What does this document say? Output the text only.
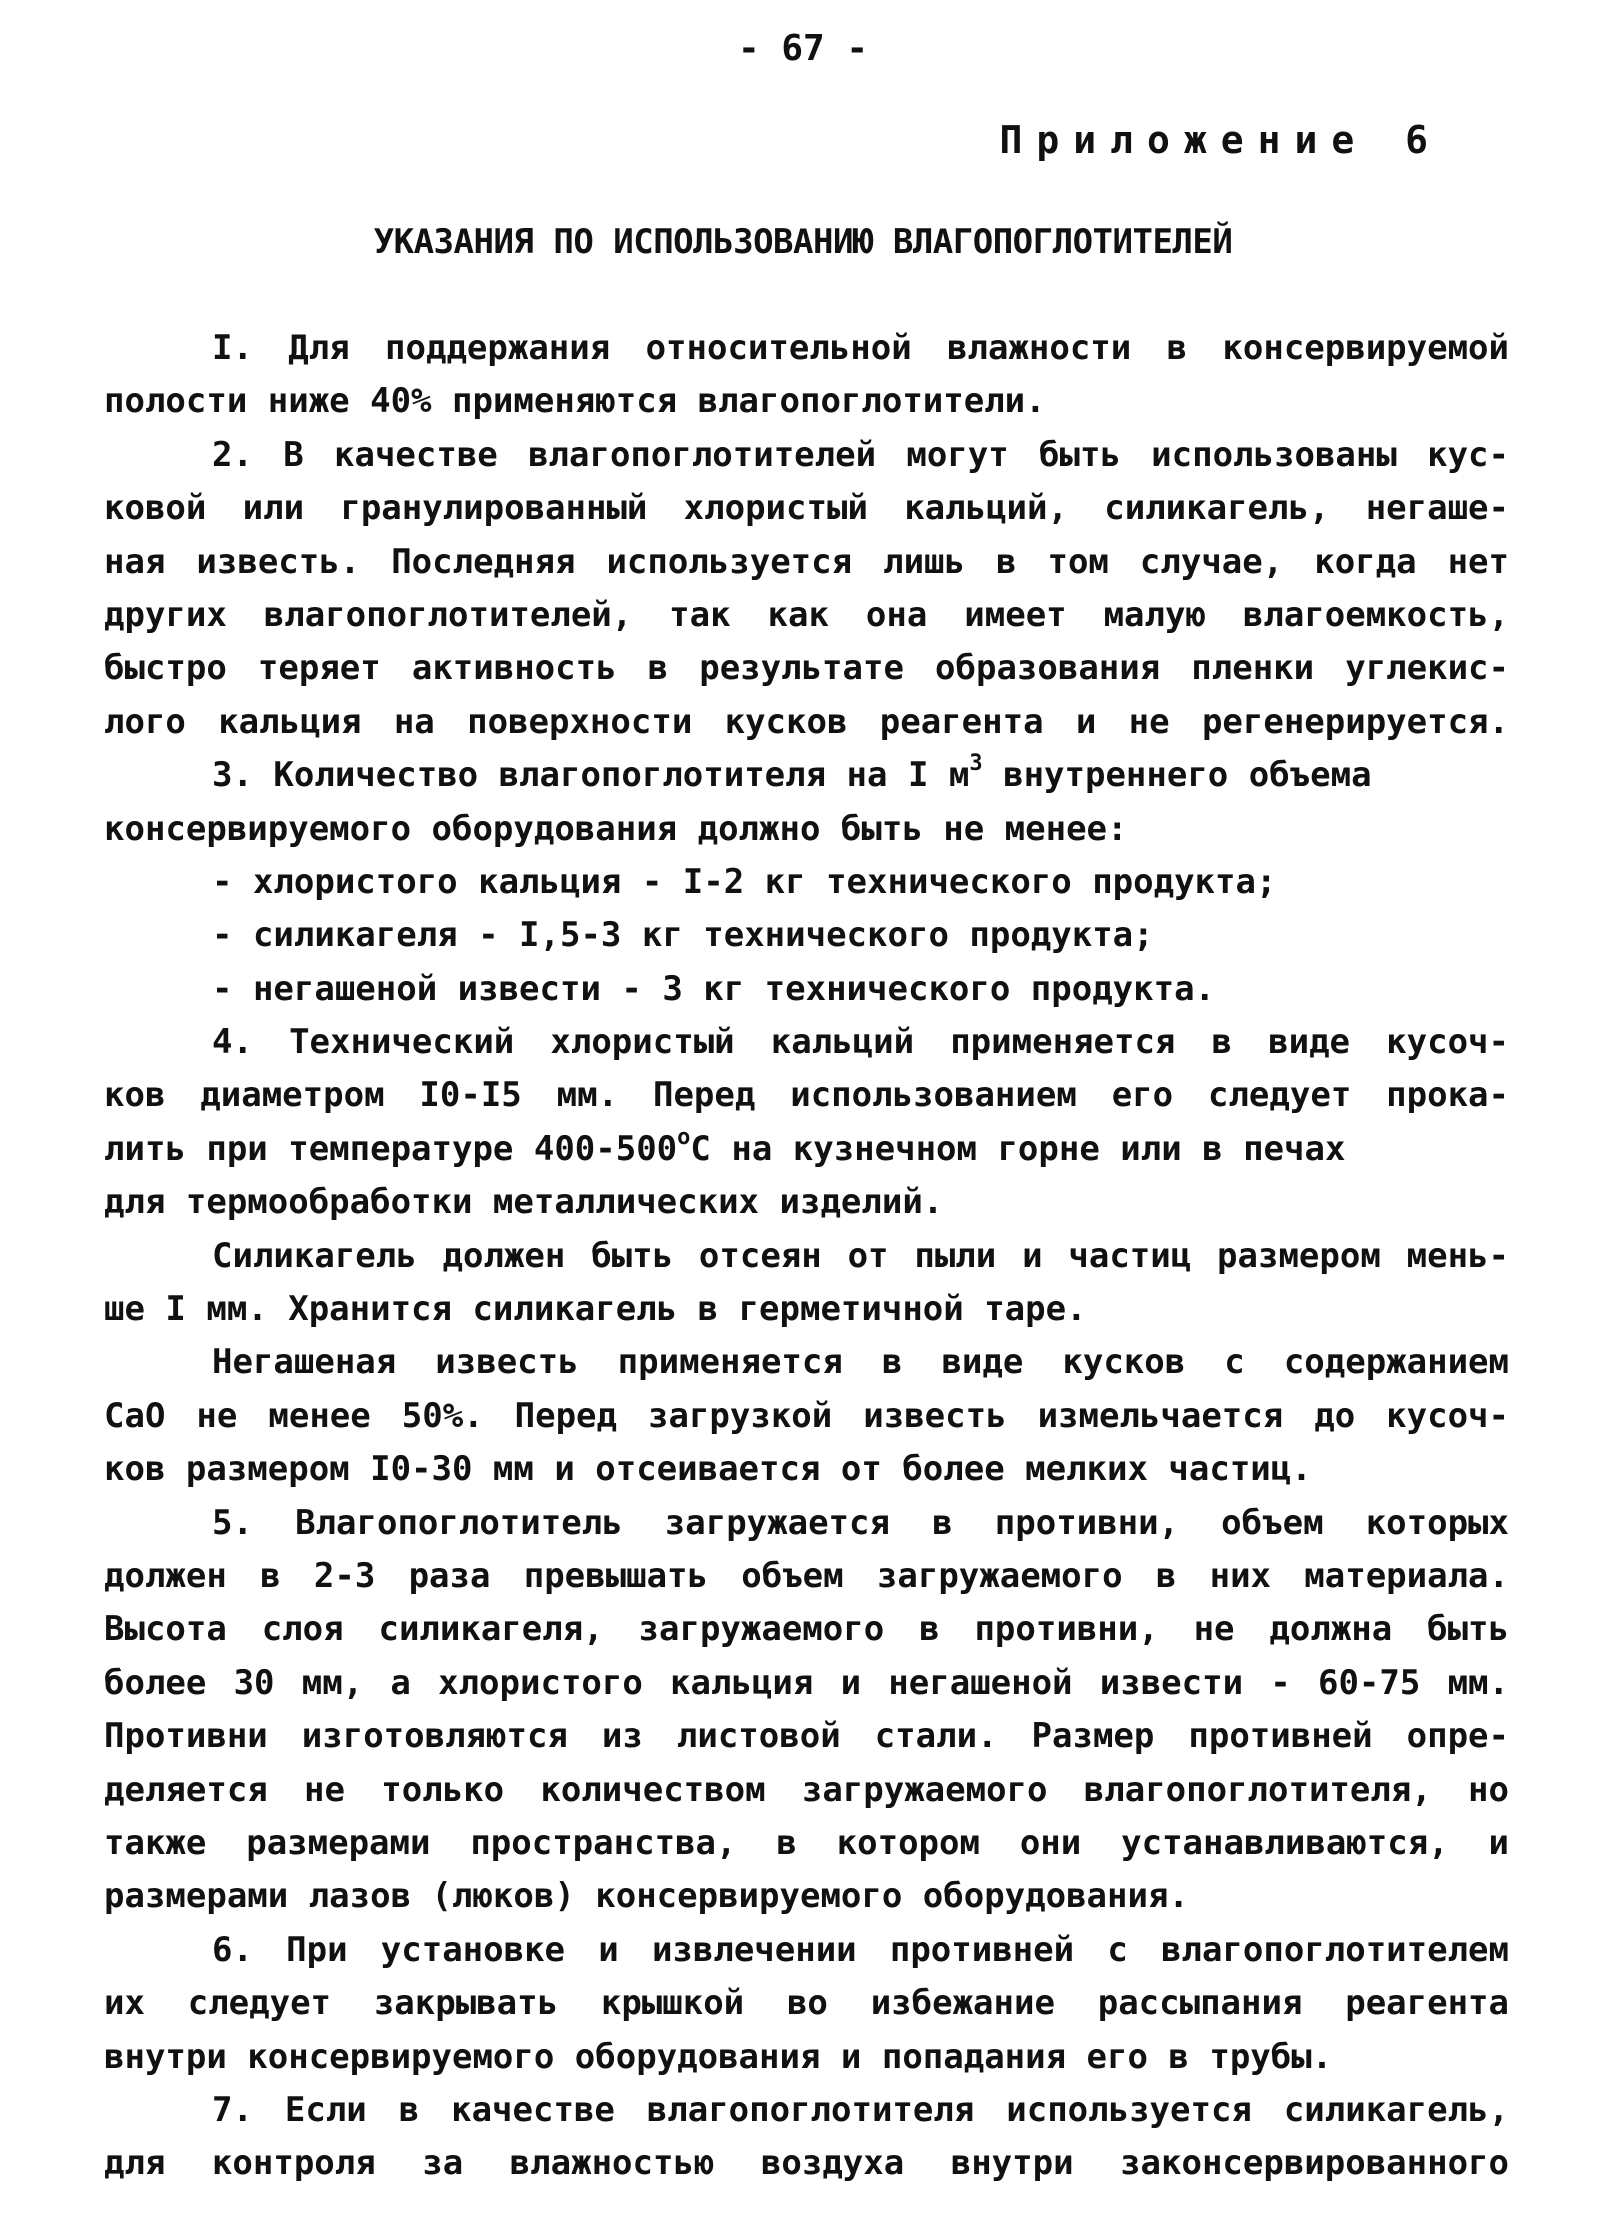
- 67 -
Приложение 6
УКАЗАНИЯ ПО ИСПОЛЬЗОВАНИЮ ВЛАГОПОГЛОТИТЕЛЕЙ
I. Для поддержания относительной влажности в консервируемой
полости ниже 40% применяются влагопоглотители.
2. В качестве влагопоглотителей могут быть использованы кус-
ковой или гранулированный хлористый кальций, силикагель, негаше-
ная известь. Последняя используется лишь в том случае, когда нет
других влагопоглотителей, так как она имеет малую влагоемкость,
быстро теряет активность в результате образования пленки углекис-
лого кальция на поверхности кусков реагента и не регенерируется.
3. Количество влагопоглотителя на I $м^3$ внутреннего объема
консервируемого оборудования должно быть не менее:
- хлористого кальция - I-2 кг технического продукта;
- силикагеля - I,5-3 кг технического продукта;
- негашеной извести - 3 кг технического продукта.
4. Технический хлористый кальций применяется в виде кусоч-
ков диаметром I0-I5 мм. Перед использованием его следует прока-
лить при температуре 400-500$^o$С на кузнечном горне или в печах
для термообработки металлических изделий.
Силикагель должен быть отсеян от пыли и частиц размером мень-
ше I мм. Хранится силикагель в герметичной таре.
Негашеная известь применяется в виде кусков с содержанием
СаО не менее 50%. Перед загрузкой известь измельчается до кусоч-
ков размером I0-30 мм и отсеивается от более мелких частиц.
5. Влагопоглотитель загружается в противни, объем которых
должен в 2-3 раза превышать объем загружаемого в них материала.
Высота слоя силикагеля, загружаемого в противни, не должна быть
более 30 мм, а хлористого кальция и негашеной извести - 60-75 мм.
Противни изготовляются из листовой стали. Размер противней опре-
деляется не только количеством загружаемого влагопоглотителя, но
также размерами пространства, в котором они устанавливаются, и
размерами лазов (люков) консервируемого оборудования.
6. При установке и извлечении противней с влагопоглотителем
их следует закрывать крышкой во избежание рассыпания реагента
внутри консервируемого оборудования и попадания его в трубы.
7. Если в качестве влагопоглотителя используется силикагель,
для контроля за влажностью воздуха внутри законсервированного
